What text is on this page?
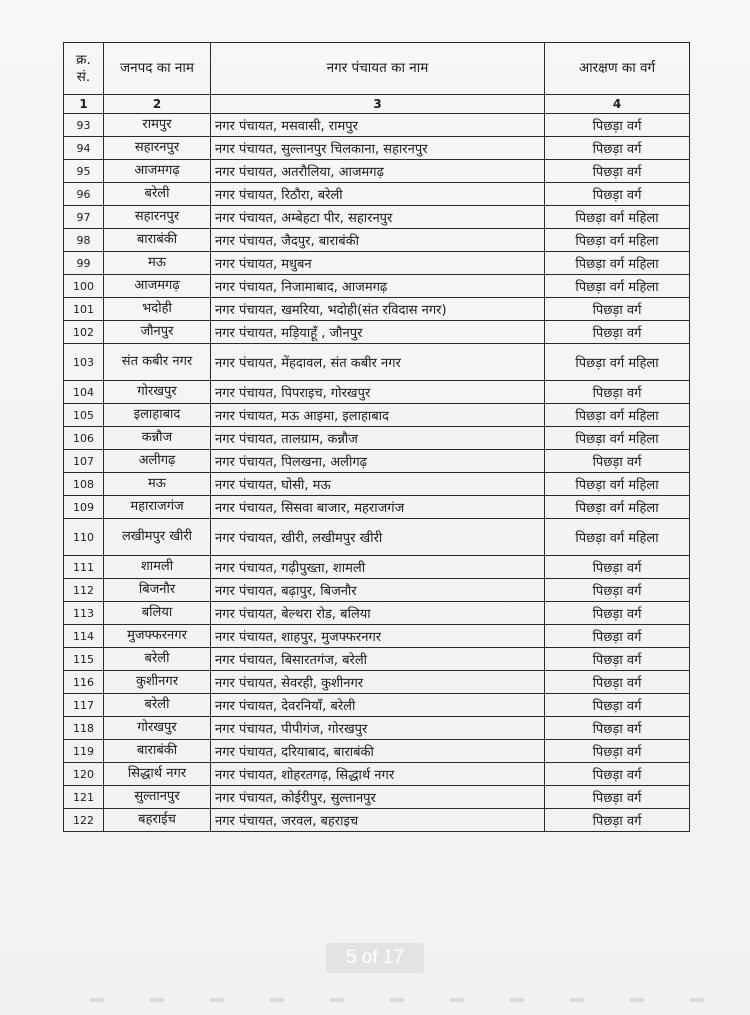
क्र. सं.	जनपद का नाम	नगर पंचायत का नाम	आरक्षण का वर्ग
1	2	3	4
93	रामपुर	नगर पंचायत, मसवासी, रामपुर	पिछड़ा वर्ग
94	सहारनपुर	नगर पंचायत, सुल्तानपुर चिलकाना, सहारनपुर	पिछड़ा वर्ग
95	आजमगढ़	नगर पंचायत, अतरौलिया, आजमगढ़	पिछड़ा वर्ग
96	बरेली	नगर पंचायत, रिठौरा, बरेली	पिछड़ा वर्ग
97	सहारनपुर	नगर पंचायत, अम्बेहटा पीर, सहारनपुर	पिछड़ा वर्ग महिला
98	बाराबंकी	नगर पंचायत, जैदपुर, बाराबंकी	पिछड़ा वर्ग महिला
99	मऊ	नगर पंचायत, मधुबन	पिछड़ा वर्ग महिला
100	आजमगढ़	नगर पंचायत, निजामाबाद, आजमगढ़	पिछड़ा वर्ग महिला
101	भदोही	नगर पंचायत, खमरिया, भदोही(संत रविदास नगर)	पिछड़ा वर्ग
102	जौनपुर	नगर पंचायत, मड़ियाहूँ , जौनपुर	पिछड़ा वर्ग
103	संत कबीर नगर	नगर पंचायत, मेंहदावल, संत कबीर नगर	पिछड़ा वर्ग महिला
104	गोरखपुर	नगर पंचायत, पिपराइच, गोरखपुर	पिछड़ा वर्ग
105	इलाहाबाद	नगर पंचायत, मऊ आइमा, इलाहाबाद	पिछड़ा वर्ग महिला
106	कन्नौज	नगर पंचायत, तालग्राम, कन्नौज	पिछड़ा वर्ग महिला
107	अलीगढ़	नगर पंचायत, पिलखना, अलीगढ़	पिछड़ा वर्ग
108	मऊ	नगर पंचायत, घोसी, मऊ	पिछड़ा वर्ग महिला
109	महाराजगंज	नगर पंचायत, सिसवा बाजार, महराजगंज	पिछड़ा वर्ग महिला
110	लखीमपुर खीरी	नगर पंचायत, खीरी, लखीमपुर खीरी	पिछड़ा वर्ग महिला
111	शामली	नगर पंचायत, गढ़ीपुख्ता, शामली	पिछड़ा वर्ग
112	बिजनौर	नगर पंचायत, बढ़ापुर, बिजनौर	पिछड़ा वर्ग
113	बलिया	नगर पंचायत, बेल्थरा रोड, बलिया	पिछड़ा वर्ग
114	मुजफ्फरनगर	नगर पंचायत, शाहपुर, मुजफ्फरनगर	पिछड़ा वर्ग
115	बरेली	नगर पंचायत, बिसारतगंज, बरेली	पिछड़ा वर्ग
116	कुशीनगर	नगर पंचायत, सेवरही, कुशीनगर	पिछड़ा वर्ग
117	बरेली	नगर पंचायत, देवरनियाँ, बरेली	पिछड़ा वर्ग
118	गोरखपुर	नगर पंचायत, पीपीगंज, गोरखपुर	पिछड़ा वर्ग
119	बाराबंकी	नगर पंचायत, दरियाबाद, बाराबंकी	पिछड़ा वर्ग
120	सिद्धार्थ नगर	नगर पंचायत, शोहरतगढ़, सिद्धार्थ नगर	पिछड़ा वर्ग
121	सुल्तानपुर	नगर पंचायत, कोईरीपुर, सुल्तानपुर	पिछड़ा वर्ग
122	बहराईच	नगर पंचायत, जरवल, बहराइच	पिछड़ा वर्ग
5 of 17
